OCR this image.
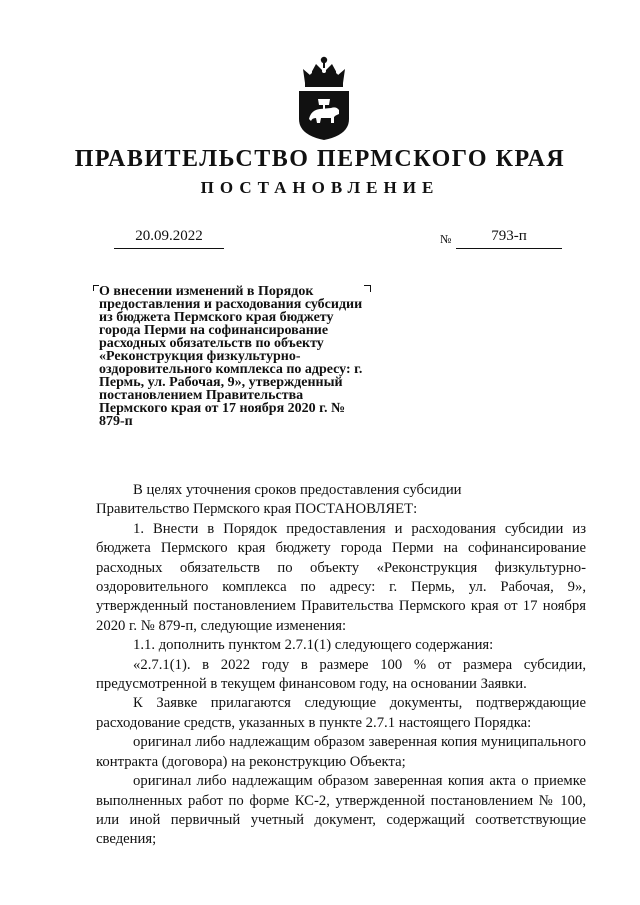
ПРАВИТЕЛЬСТВО ПЕРМСКОГО КРАЯ
ПОСТАНОВЛЕНИЕ
20.09.2022	№	793-п
О внесении изменений в Порядок предоставления и расходования субсидии из бюджета Пермского края бюджету города Перми на софинансирование расходных обязательств по объекту «Реконструкция физкультурно-оздоровительного комплекса по адресу: г. Пермь, ул. Рабочая, 9», утвержденный постановлением Правительства Пермского края от 17 ноября 2020 г. № 879-п

В целях уточнения сроков предоставления субсидии

Правительство Пермского края ПОСТАНОВЛЯЕТ:

1. Внести в Порядок предоставления и расходования субсидии из бюджета Пермского края бюджету города Перми на софинансирование расходных обязательств по объекту «Реконструкция физкультурно-оздоровительного комплекса по адресу: г. Пермь, ул. Рабочая, 9», утвержденный постановлением Правительства Пермского края от 17 ноября 2020 г. № 879-п, следующие изменения:

1.1. дополнить пунктом 2.7.1(1) следующего содержания:

«2.7.1(1). в 2022 году в размере 100 % от размера субсидии, предусмотренной в текущем финансовом году, на основании Заявки.

К Заявке прилагаются следующие документы, подтверждающие расходование средств, указанных в пункте 2.7.1 настоящего Порядка:

оригинал либо надлежащим образом заверенная копия муниципального контракта (договора) на реконструкцию Объекта;

оригинал либо надлежащим образом заверенная копия акта о приемке выполненных работ по форме КС-2, утвержденной постановлением № 100, или иной первичный учетный документ, содержащий соответствующие сведения;
